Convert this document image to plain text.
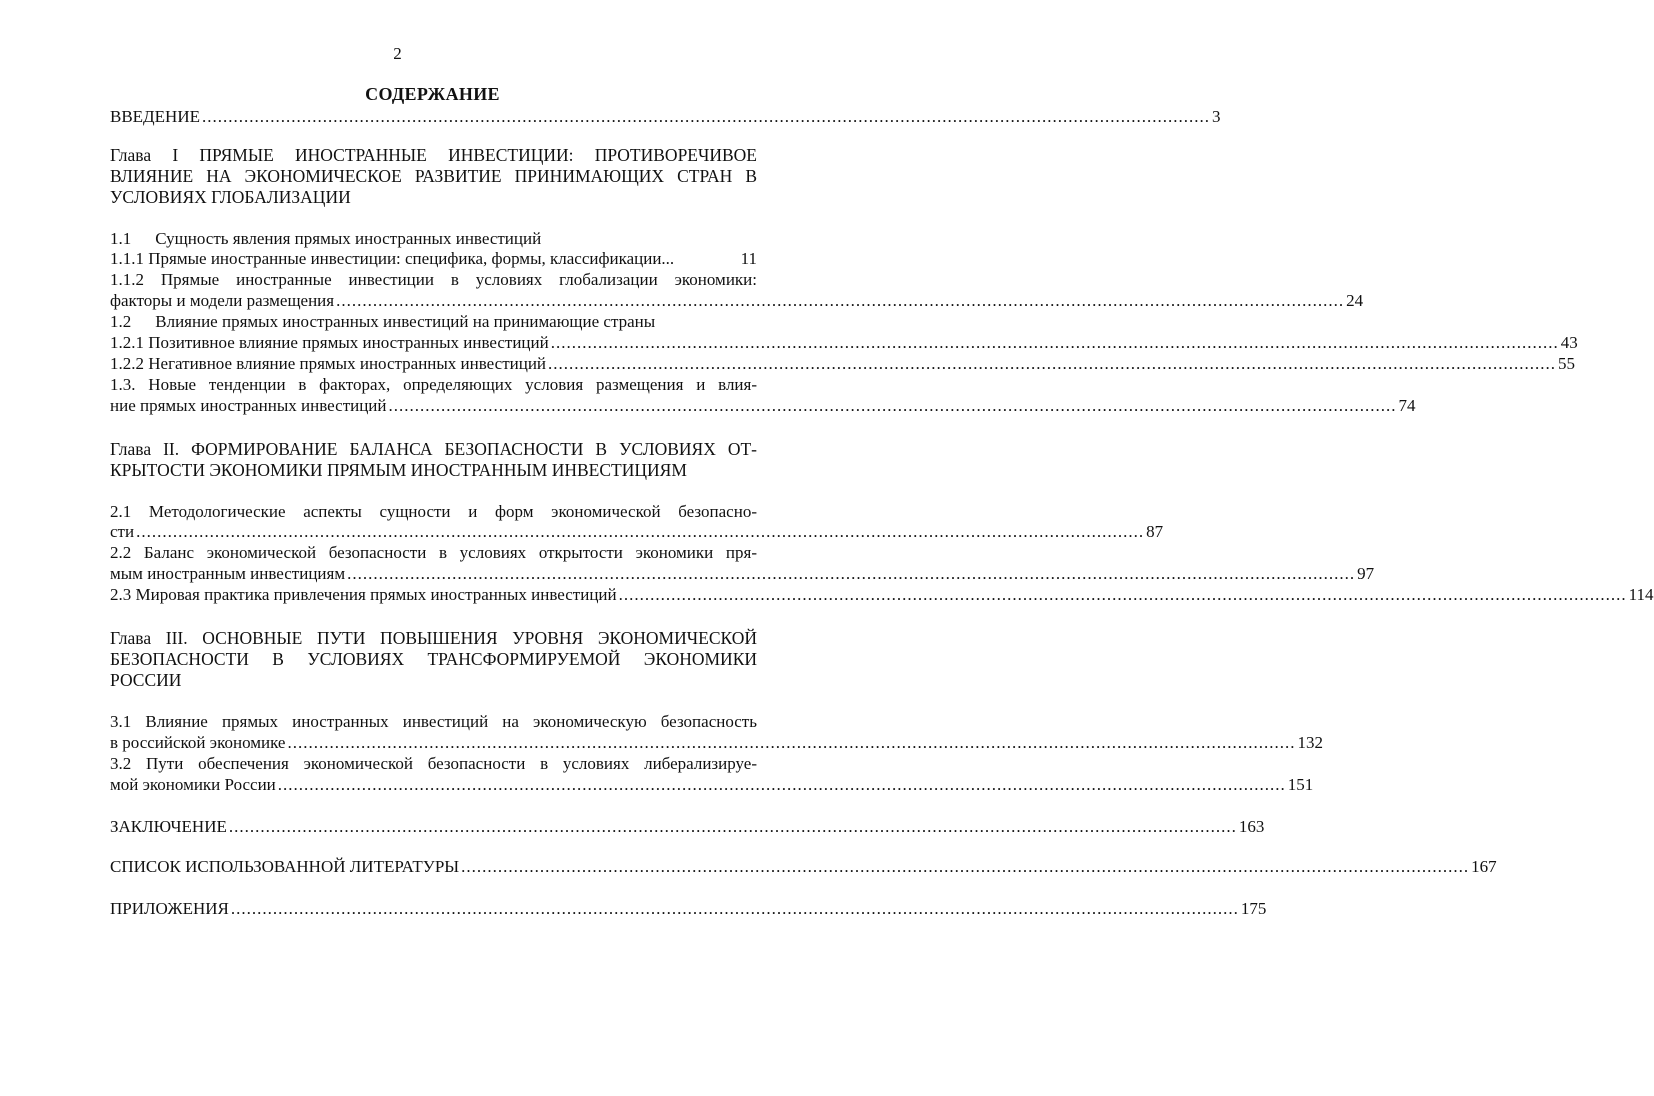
2
СОДЕРЖАНИЕ
ВВЕДЕНИЕ ................................................................................................................................................................................................ 3
Глава I ПРЯМЫЕ ИНОСТРАННЫЕ ИНВЕСТИЦИИ: ПРОТИВОРЕЧИВОЕ
ВЛИЯНИЕ НА ЭКОНОМИЧЕСКОЕ РАЗВИТИЕ ПРИНИМАЮЩИХ СТРАН В
УСЛОВИЯХ ГЛОБАЛИЗАЦИИ
1.1 Сущность явления прямых иностранных инвестиций
1.1.1 Прямые иностранные инвестиции: специфика, формы, классификации...	11
1.1.2 Прямые иностранные инвестиции в условиях глобализации экономики:
факторы и модели размещения ................................................................................................................................................................................................ 24
1.2 Влияние прямых иностранных инвестиций на принимающие страны
1.2.1 Позитивное влияние прямых иностранных инвестиций ................................................................................................................................................................................................ 43
1.2.2 Негативное влияние прямых иностранных инвестиций ................................................................................................................................................................................................ 55
1.3. Новые тенденции в факторах, определяющих условия размещения и влия-
ние прямых иностранных инвестиций ................................................................................................................................................................................................ 74
Глава II. ФОРМИРОВАНИЕ БАЛАНСА БЕЗОПАСНОСТИ В УСЛОВИЯХ ОТ-
КРЫТОСТИ ЭКОНОМИКИ ПРЯМЫМ ИНОСТРАННЫМ ИНВЕСТИЦИЯМ
2.1 Методологические аспекты сущности и форм экономической безопасно-
сти ................................................................................................................................................................................................ 87
2.2 Баланс экономической безопасности в условиях открытости экономики пря-
мым иностранным инвестициям ................................................................................................................................................................................................ 97
2.3 Мировая практика привлечения прямых иностранных инвестиций ................................................................................................................................................................................................ 114
Глава III. ОСНОВНЫЕ ПУТИ ПОВЫШЕНИЯ УРОВНЯ ЭКОНОМИЧЕСКОЙ
БЕЗОПАСНОСТИ В УСЛОВИЯХ ТРАНСФОРМИРУЕМОЙ ЭКОНОМИКИ
РОССИИ
3.1 Влияние прямых иностранных инвестиций на экономическую безопасность
в российской экономике ................................................................................................................................................................................................ 132
3.2 Пути обеспечения экономической безопасности в условиях либерализируе-
мой экономики России ................................................................................................................................................................................................ 151
ЗАКЛЮЧЕНИЕ ................................................................................................................................................................................................ 163
СПИСОК ИСПОЛЬЗОВАННОЙ ЛИТЕРАТУРЫ ................................................................................................................................................................................................ 167
ПРИЛОЖЕНИЯ ................................................................................................................................................................................................ 175
